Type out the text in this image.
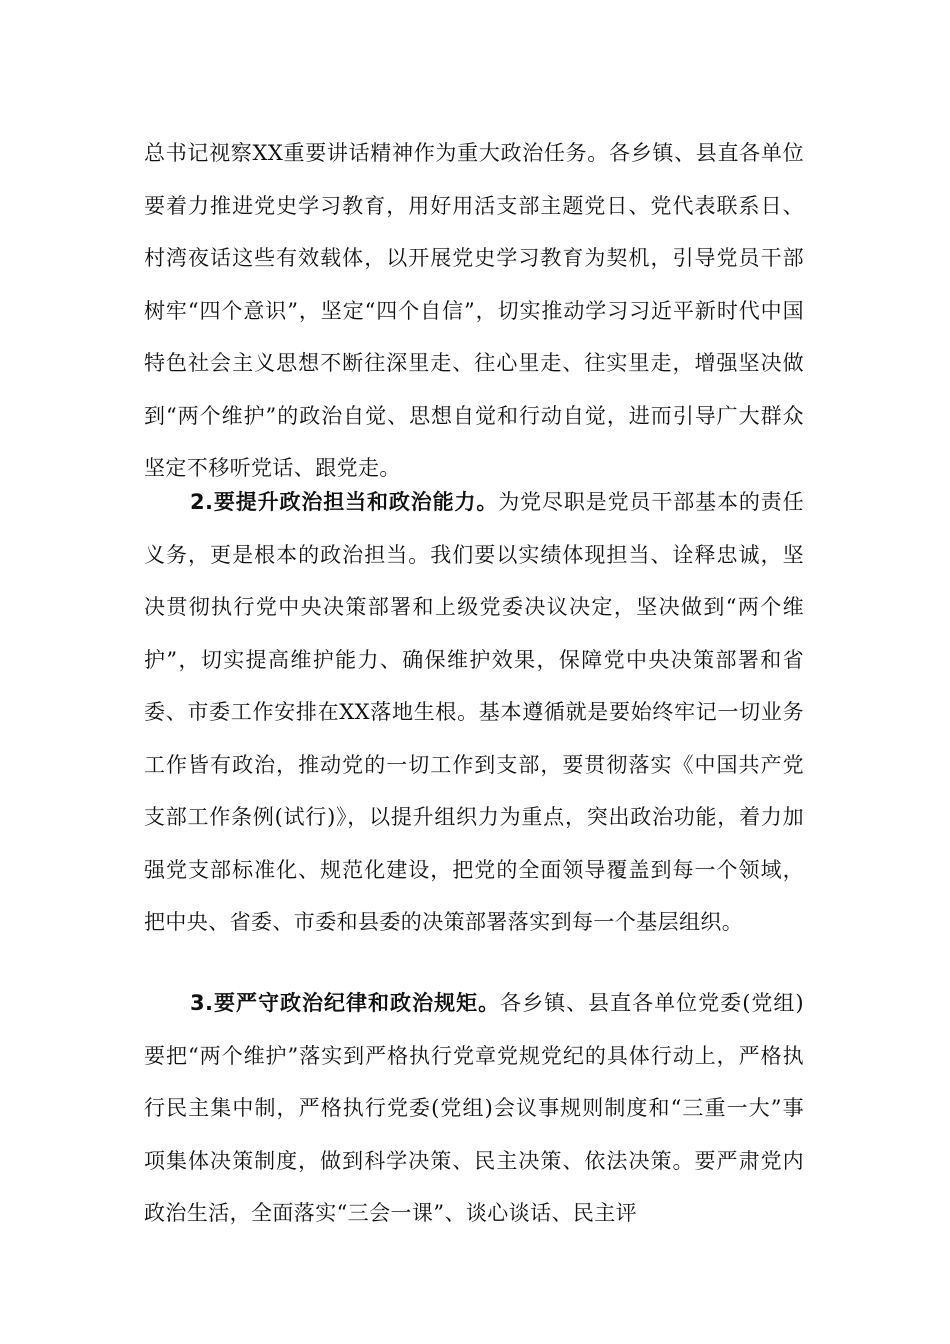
总书记视察XX重要讲话精神作为重大政治任务。各乡镇、县直各单位要着力推进党史学习教育，用好用活支部主题党日、党代表联系日、村湾夜话这些有效载体，以开展党史学习教育为契机，引导党员干部树牢“四个意识”，坚定“四个自信”，切实推动学习习近平新时代中国特色社会主义思想不断往深里走、往心里走、往实里走，增强坚决做到“两个维护”的政治自觉、思想自觉和行动自觉，进而引导广大群众坚定不移听党话、跟党走。

2.要提升政治担当和政治能力。为党尽职是党员干部基本的责任义务，更是根本的政治担当。我们要以实绩体现担当、诠释忠诚，坚决贯彻执行党中央决策部署和上级党委决议决定，坚决做到“两个维护”，切实提高维护能力、确保维护效果，保障党中央决策部署和省委、市委工作安排在XX落地生根。基本遵循就是要始终牢记一切业务工作皆有政治，推动党的一切工作到支部，要贯彻落实《中国共产党支部工作条例(试行)》，以提升组织力为重点，突出政治功能，着力加强党支部标准化、规范化建设，把党的全面领导覆盖到每一个领域，把中央、省委、市委和县委的决策部署落实到每一个基层组织。

3.要严守政治纪律和政治规矩。各乡镇、县直各单位党委(党组)要把“两个维护”落实到严格执行党章党规党纪的具体行动上，严格执行民主集中制，严格执行党委(党组)会议事规则制度和“三重一大”事项集体决策制度，做到科学决策、民主决策、依法决策。要严肃党内政治生活，全面落实“三会一课”、谈心谈话、民主评
